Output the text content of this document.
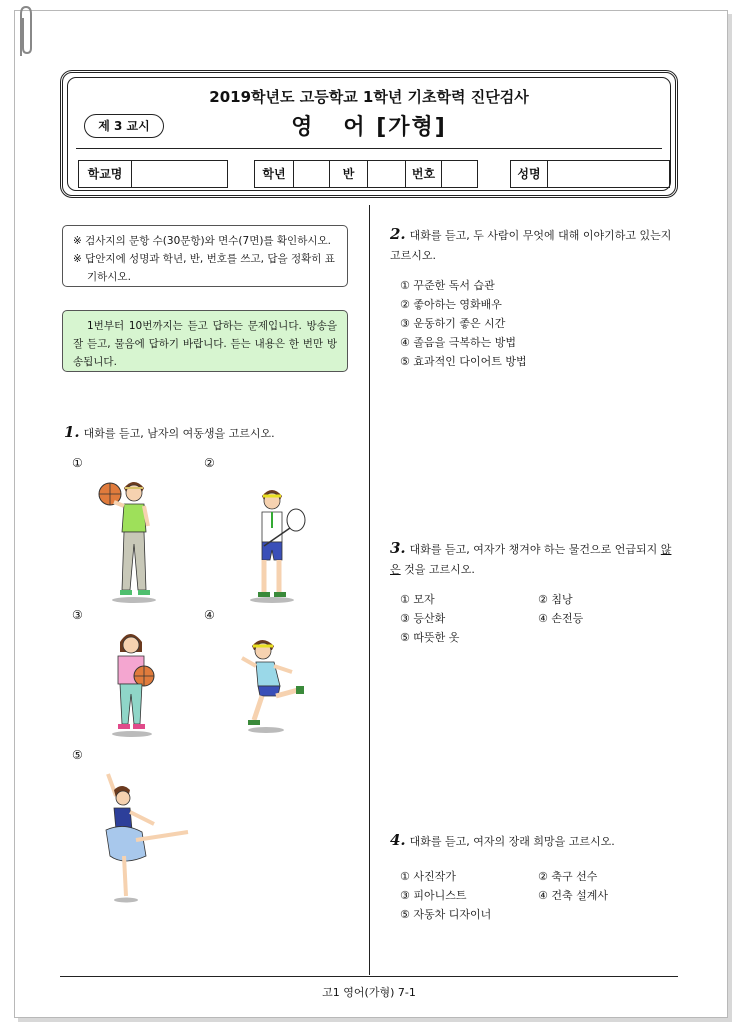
2019학년도 고등학교 1학년 기초학력 진단검사
제 3 교시	영   어 [가형]
학교명	학년	반	번호	성명

※ 검사지의 문항 수(30문항)와 면수(7면)를 확인하시오.

※ 답안지에 성명과 학년, 반, 번호를 쓰고, 답을 정확히 표기하시오.

1번부터 10번까지는 듣고 답하는 문제입니다. 방송을 잘 듣고, 물음에 답하기 바랍니다. 듣는 내용은 한 번만 방송됩니다.
1. 대화를 듣고, 남자의 여동생을 고르시오.
①	②
③	④
⑤
2. 대화를 듣고, 두 사람이 무엇에 대해 이야기하고 있는지 고르시오.
① 꾸준한 독서 습관
② 좋아하는 영화배우
③ 운동하기 좋은 시간
④ 졸음을 극복하는 방법
⑤ 효과적인 다이어트 방법
3. 대화를 듣고, 여자가 챙겨야 하는 물건으로 언급되지 않은 것을 고르시오.
① 모자	② 침낭
③ 등산화	④ 손전등
⑤ 따뜻한 옷
4. 대화를 듣고, 여자의 장래 희망을 고르시오.
① 사진작가	② 축구 선수
③ 피아니스트	④ 건축 설계사
⑤ 자동차 디자이너
고1 영어(가형) 7-1
